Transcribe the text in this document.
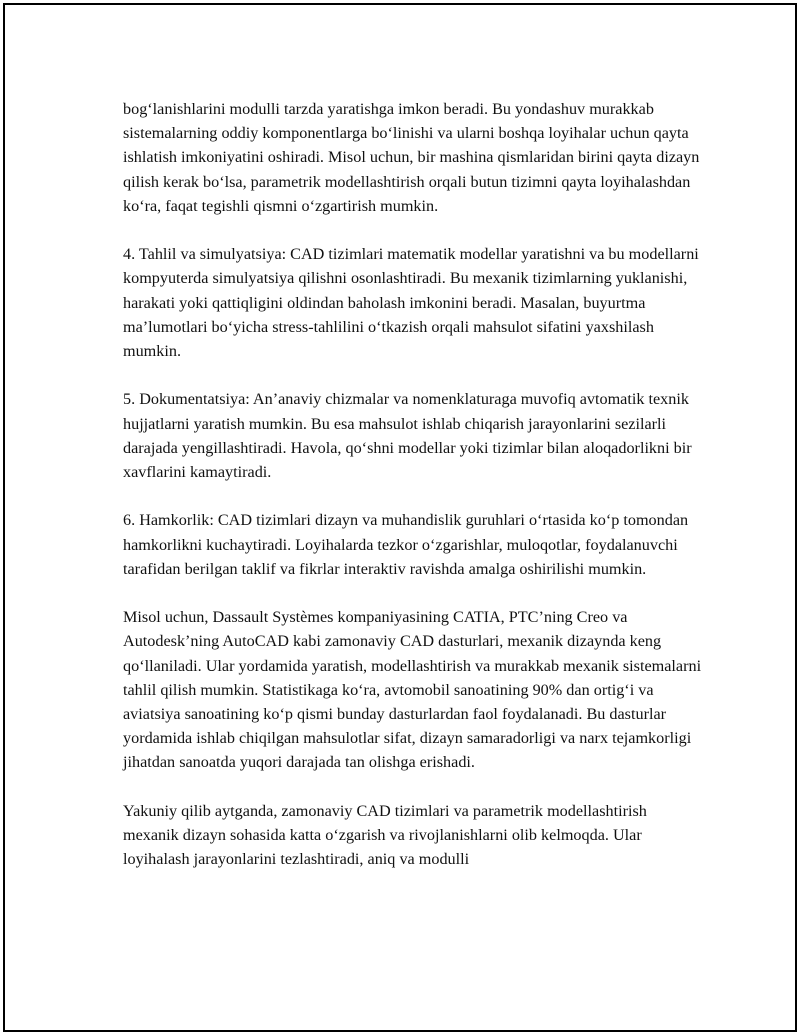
bog‘lanishlarini modulli tarzda yaratishga imkon beradi. Bu yondashuv murakkab sistemalarning oddiy komponentlarga bo‘linishi va ularni boshqa loyihalar uchun qayta ishlatish imkoniyatini oshiradi. Misol uchun, bir mashina qismlaridan birini qayta dizayn qilish kerak bo‘lsa, parametrik modellashtirish orqali butun tizimni qayta loyihalashdan ko‘ra, faqat tegishli qismni o‘zgartirish mumkin.

4. Tahlil va simulyatsiya: CAD tizimlari matematik modellar yaratishni va bu modellarni kompyuterda simulyatsiya qilishni osonlashtiradi. Bu mexanik tizimlarning yuklanishi, harakati yoki qattiqligini oldindan baholash imkonini beradi. Masalan, buyurtma ma’lumotlari bo‘yicha stress-tahlilini o‘tkazish orqali mahsulot sifatini yaxshilash mumkin.

5. Dokumentatsiya: An’anaviy chizmalar va nomenklaturaga muvofiq avtomatik texnik hujjatlarni yaratish mumkin. Bu esa mahsulot ishlab chiqarish jarayonlarini sezilarli darajada yengillashtiradi. Havola, qo‘shni modellar yoki tizimlar bilan aloqadorlikni bir xavflarini kamaytiradi.

6. Hamkorlik: CAD tizimlari dizayn va muhandislik guruhlari o‘rtasida ko‘p tomondan hamkorlikni kuchaytiradi. Loyihalarda tezkor o‘zgarishlar, muloqotlar, foydalanuvchi tarafidan berilgan taklif va fikrlar interaktiv ravishda amalga oshirilishi mumkin.

Misol uchun, Dassault Systèmes kompaniyasining CATIA, PTC’ning Creo va Autodesk’ning AutoCAD kabi zamonaviy CAD dasturlari, mexanik dizaynda keng qo‘llaniladi. Ular yordamida yaratish, modellashtirish va murakkab mexanik sistemalarni tahlil qilish mumkin. Statistikaga ko‘ra, avtomobil sanoatining 90% dan ortig‘i va aviatsiya sanoatining ko‘p qismi bunday dasturlardan faol foydalanadi. Bu dasturlar yordamida ishlab chiqilgan mahsulotlar sifat, dizayn samaradorligi va narx tejamkorligi jihatdan sanoatda yuqori darajada tan olishga erishadi.

Yakuniy qilib aytganda, zamonaviy CAD tizimlari va parametrik modellashtirish mexanik dizayn sohasida katta o‘zgarish va rivojlanishlarni olib kelmoqda. Ular loyihalash jarayonlarini tezlashtiradi, aniq va modulli
